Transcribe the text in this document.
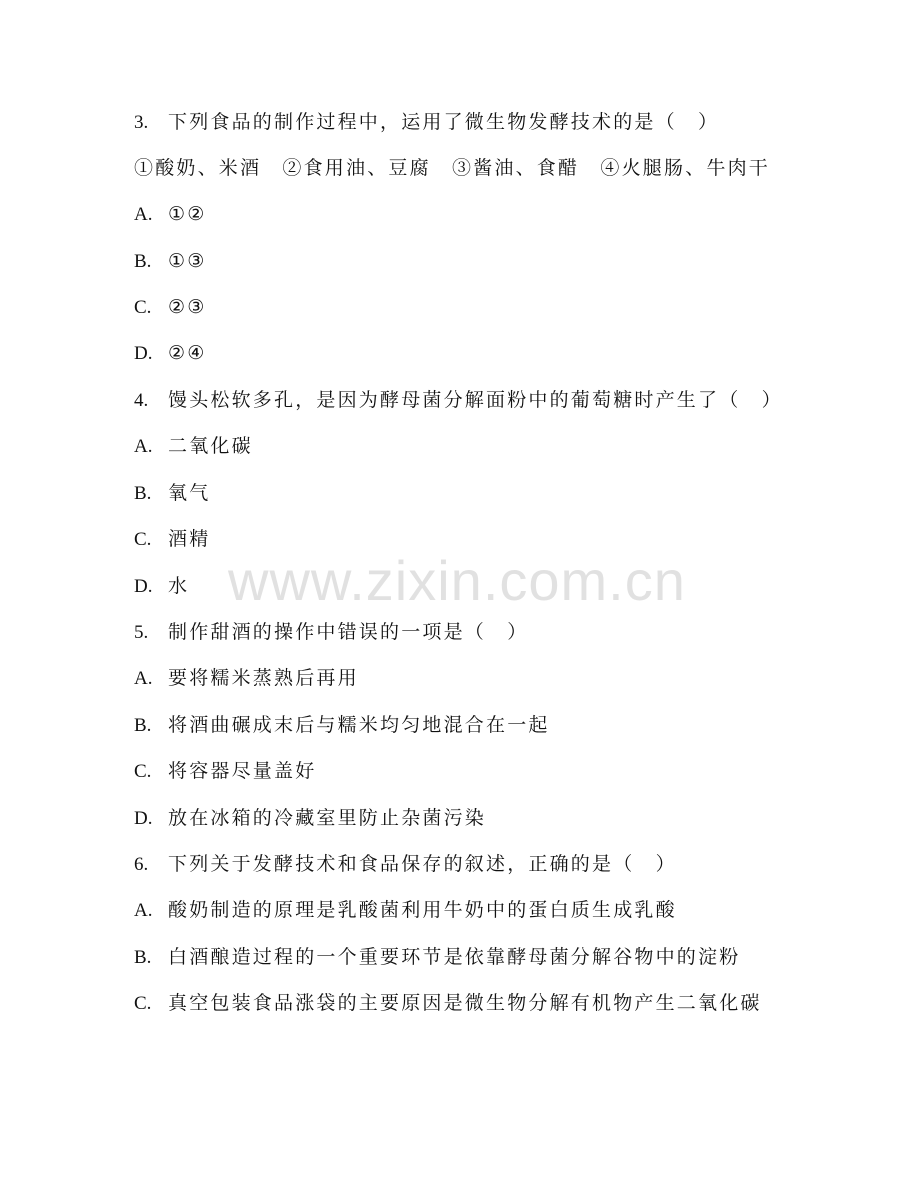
3. 下列食品的制作过程中，运用了微生物发酵技术的是（　）
①酸奶、米酒　②食用油、豆腐　③酱油、食醋　④火腿肠、牛肉干
A. ①②
B. ①③
C. ②③
D. ②④
4. 馒头松软多孔，是因为酵母菌分解面粉中的葡萄糖时产生了（　）
A. 二氧化碳
B. 氧气
C. 酒精
D. 水
5. 制作甜酒的操作中错误的一项是（　）
A. 要将糯米蒸熟后再用
B. 将酒曲碾成末后与糯米均匀地混合在一起
C. 将容器尽量盖好
D. 放在冰箱的冷藏室里防止杂菌污染
6. 下列关于发酵技术和食品保存的叙述，正确的是（　）
A. 酸奶制造的原理是乳酸菌利用牛奶中的蛋白质生成乳酸
B. 白酒酿造过程的一个重要环节是依靠酵母菌分解谷物中的淀粉
C. 真空包装食品涨袋的主要原因是微生物分解有机物产生二氧化碳
www.zixin.com.cn
